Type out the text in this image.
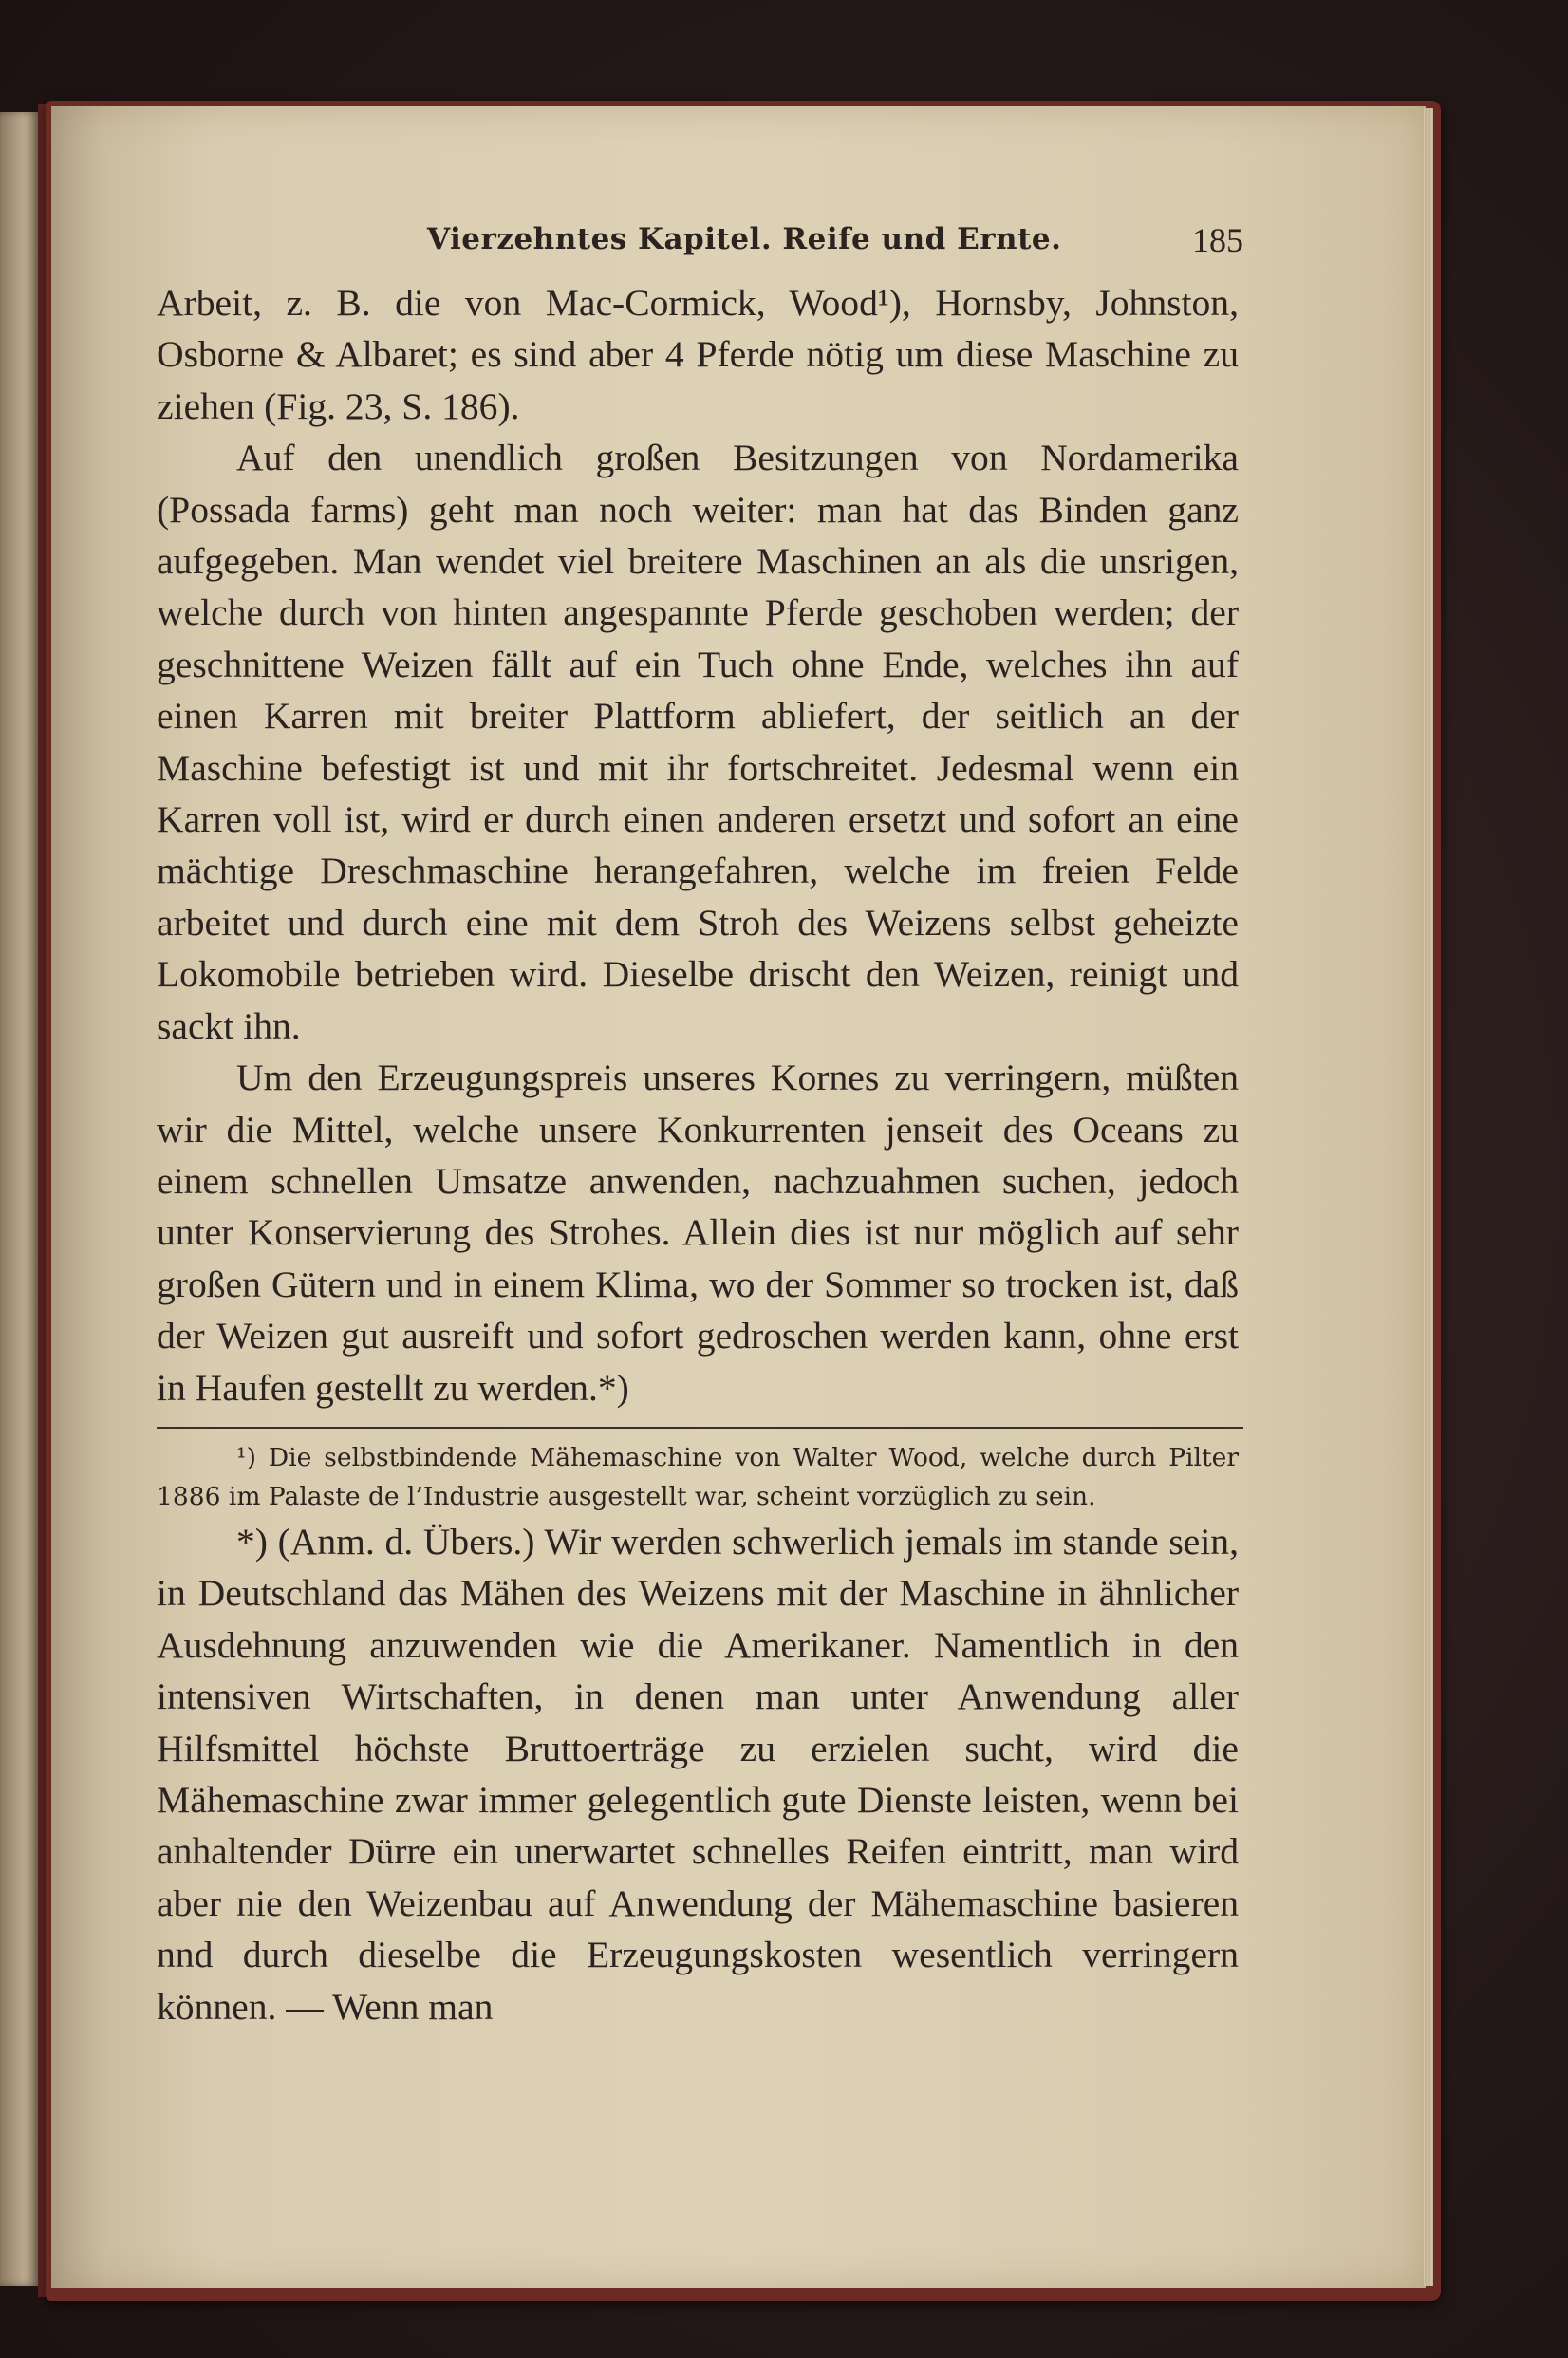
Vierzehntes Kapitel. Reife und Ernte.	185

Arbeit, z. B. die von Mac-Cormick, Wood¹), Hornsby, Johnston, Osborne & Albaret; es sind aber 4 Pferde nötig um diese Maschine zu ziehen (Fig. 23, S. 186).

Auf den unendlich großen Besitzungen von Nordamerika (Possada farms) geht man noch weiter: man hat das Binden ganz aufgegeben. Man wendet viel breitere Maschinen an als die unsrigen, welche durch von hinten angespannte Pferde geschoben werden; der geschnittene Weizen fällt auf ein Tuch ohne Ende, welches ihn auf einen Karren mit breiter Plattform abliefert, der seitlich an der Maschine befestigt ist und mit ihr fortschreitet. Jedesmal wenn ein Karren voll ist, wird er durch einen anderen ersetzt und sofort an eine mächtige Dreschmaschine herangefahren, welche im freien Felde arbeitet und durch eine mit dem Stroh des Weizens selbst geheizte Lokomobile betrieben wird. Dieselbe drischt den Weizen, reinigt und sackt ihn.

Um den Erzeugungspreis unseres Kornes zu verringern, müßten wir die Mittel, welche unsere Konkurrenten jenseit des Oceans zu einem schnellen Umsatze anwenden, nachzuahmen suchen, jedoch unter Konservierung des Strohes. Allein dies ist nur möglich auf sehr großen Gütern und in einem Klima, wo der Sommer so trocken ist, daß der Weizen gut ausreift und sofort gedroschen werden kann, ohne erst in Haufen gestellt zu werden.*)

¹) Die selbstbindende Mähemaschine von Walter Wood, welche durch Pilter 1886 im Palaste de l’Industrie ausgestellt war, scheint vorzüglich zu sein.

*) (Anm. d. Übers.) Wir werden schwerlich jemals im stande sein, in Deutschland das Mähen des Weizens mit der Maschine in ähnlicher Ausdehnung anzuwenden wie die Amerikaner. Namentlich in den intensiven Wirtschaften, in denen man unter Anwendung aller Hilfsmittel höchste Bruttoerträge zu erzielen sucht, wird die Mähemaschine zwar immer gelegentlich gute Dienste leisten, wenn bei anhaltender Dürre ein unerwartet schnelles Reifen eintritt, man wird aber nie den Weizenbau auf Anwendung der Mähemaschine basieren nnd durch dieselbe die Erzeugungskosten wesentlich verringern können. — Wenn man
